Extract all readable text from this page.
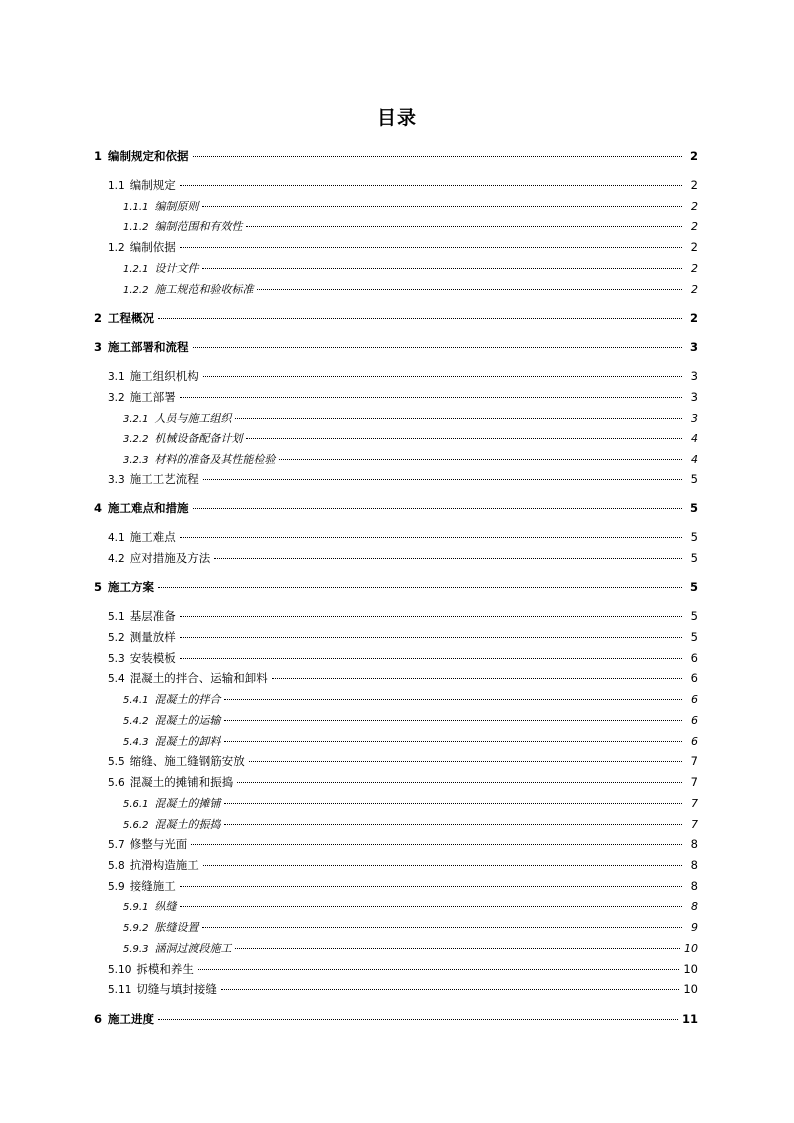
目录
1 编制规定和依据	2
1.1 编制规定	2
1.1.1 编制原则	2
1.1.2 编制范围和有效性	2
1.2 编制依据	2
1.2.1 设计文件	2
1.2.2 施工规范和验收标准	2
2 工程概况	2
3 施工部署和流程	3
3.1 施工组织机构	3
3.2 施工部署	3
3.2.1 人员与施工组织	3
3.2.2 机械设备配备计划	4
3.2.3 材料的准备及其性能检验	4
3.3 施工工艺流程	5
4 施工难点和措施	5
4.1 施工难点	5
4.2 应对措施及方法	5
5 施工方案	5
5.1 基层准备	5
5.2 测量放样	5
5.3 安装模板	6
5.4 混凝土的拌合、运输和卸料	6
5.4.1 混凝土的拌合	6
5.4.2 混凝土的运输	6
5.4.3 混凝土的卸料	6
5.5 缩缝、施工缝钢筋安放	7
5.6 混凝土的摊铺和振捣	7
5.6.1 混凝土的摊铺	7
5.6.2 混凝土的振捣	7
5.7 修整与光面	8
5.8 抗滑构造施工	8
5.9 接缝施工	8
5.9.1 纵缝	8
5.9.2 胀缝设置	9
5.9.3 涵洞过渡段施工	10
5.10 拆模和养生	10
5.11 切缝与填封接缝	10
6 施工进度	11
